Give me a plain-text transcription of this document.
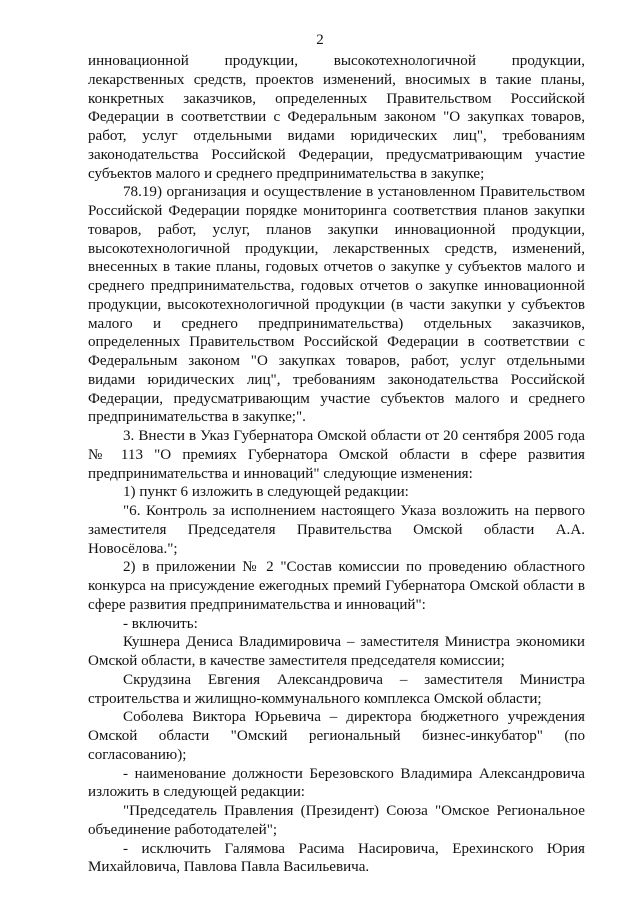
2

инновационной продукции, высокотехнологичной продукции, лекарственных средств, проектов изменений, вносимых в такие планы, конкретных заказчиков, определенных Правительством Российской Федерации в соответствии с Федеральным законом "О закупках товаров, работ, услуг отдельными видами юридических лиц", требованиям законодательства Российской Федерации, предусматривающим участие субъектов малого и среднего предпринимательства в закупке;

78.19) организация и осуществление в установленном Правительством Российской Федерации порядке мониторинга соответствия планов закупки товаров, работ, услуг, планов закупки инновационной продукции, высокотехнологичной продукции, лекарственных средств, изменений, внесенных в такие планы, годовых отчетов о закупке у субъектов малого и среднего предпринимательства, годовых отчетов о закупке инновационной продукции, высокотехнологичной продукции (в части закупки у субъектов малого и среднего предпринимательства) отдельных заказчиков, определенных Правительством Российской Федерации в соответствии с Федеральным законом "О закупках товаров, работ, услуг отдельными видами юридических лиц", требованиям законодательства Российской Федерации, предусматривающим участие субъектов малого и среднего предпринимательства в закупке;".

3. Внести в Указ Губернатора Омской области от 20 сентября 2005 года № 113 "О премиях Губернатора Омской области в сфере развития предпринимательства и инноваций" следующие изменения:

1) пункт 6 изложить в следующей редакции:

"6. Контроль за исполнением настоящего Указа возложить на первого заместителя Председателя Правительства Омской области А.А. Новосёлова.";

2) в приложении № 2 "Состав комиссии по проведению областного конкурса на присуждение ежегодных премий Губернатора Омской области в сфере развития предпринимательства и инноваций":

- включить:

Кушнера Дениса Владимировича – заместителя Министра экономики Омской области, в качестве заместителя председателя комиссии;

Скрудзина Евгения Александровича – заместителя Министра строительства и жилищно-коммунального комплекса Омской области;

Соболева Виктора Юрьевича – директора бюджетного учреждения Омской области "Омский региональный бизнес-инкубатор" (по согласованию);

- наименование должности Березовского Владимира Александровича изложить в следующей редакции:

"Председатель Правления (Президент) Союза "Омское Региональное объединение работодателей";

- исключить Галямова Расима Насировича, Ерехинского Юрия Михайловича, Павлова Павла Васильевича.
